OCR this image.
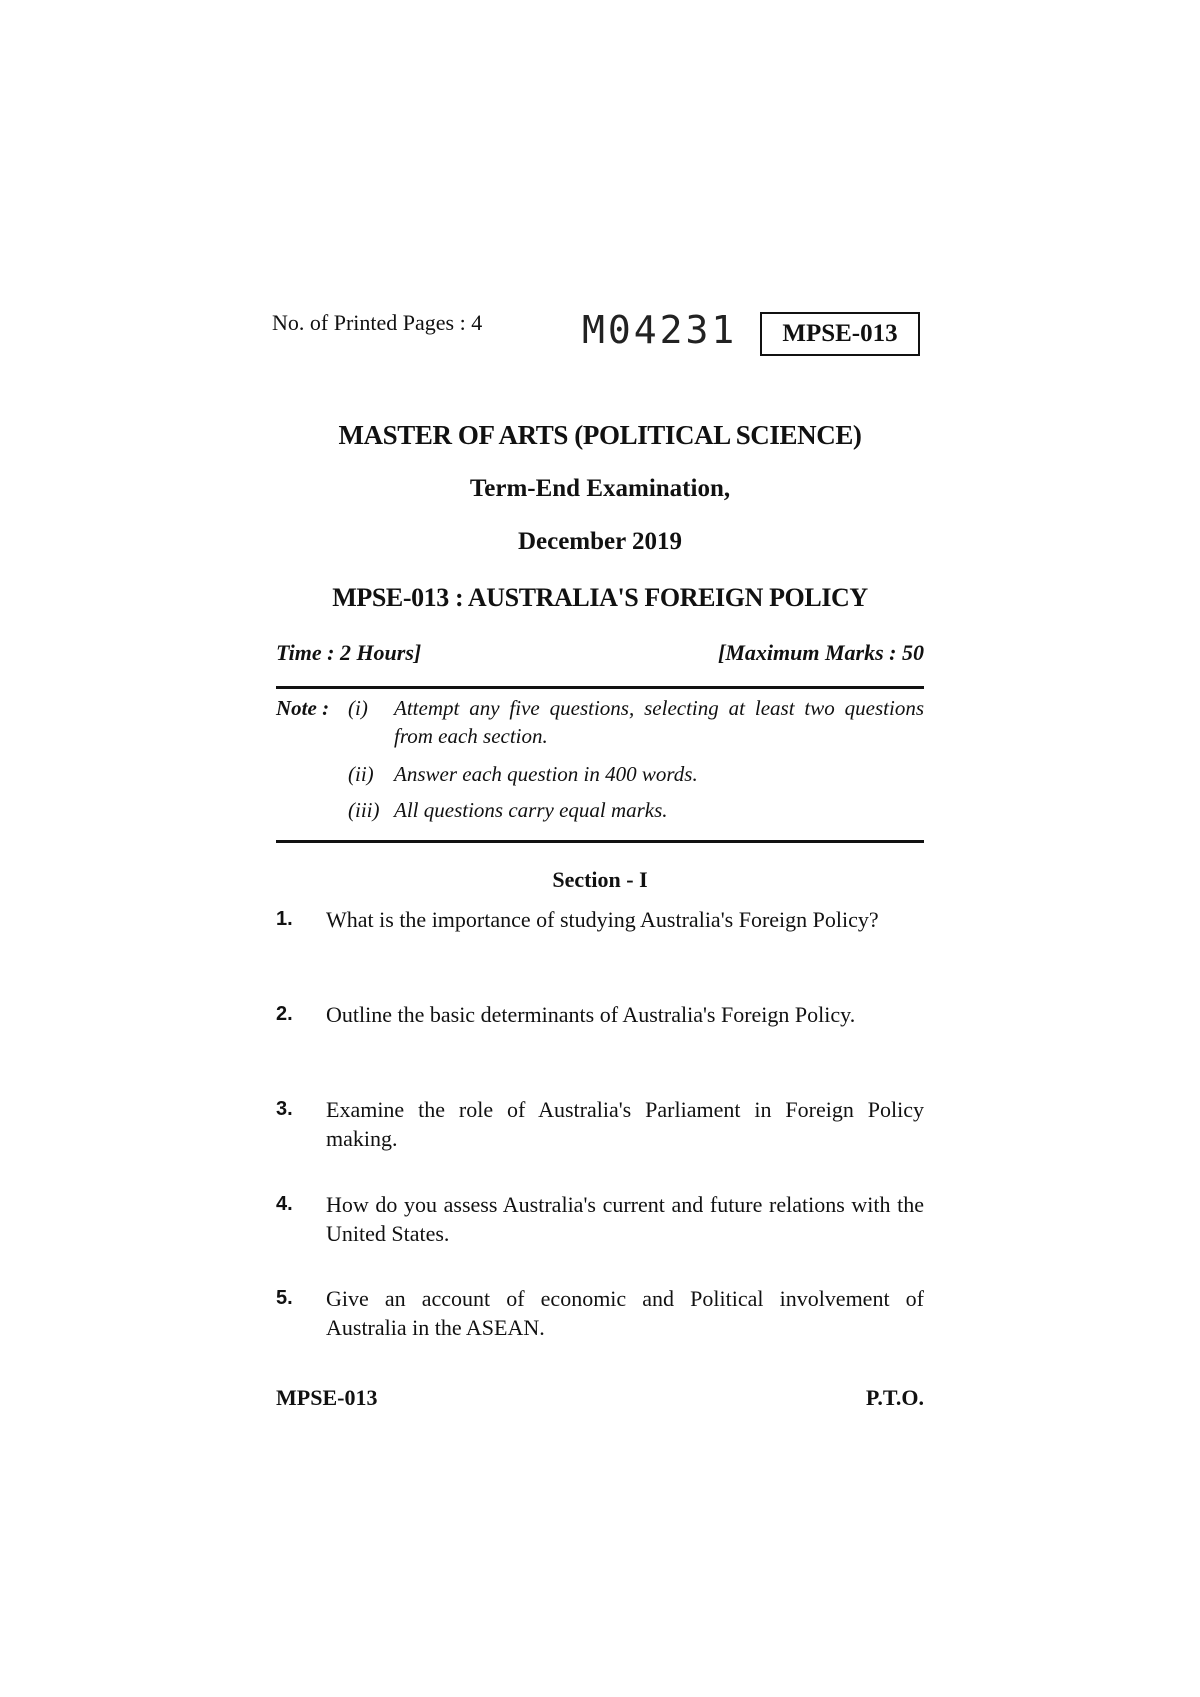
No. of Printed Pages : 4	M04231 MPSE-013
MASTER OF ARTS (POLITICAL SCIENCE)
Term-End Examination,
December 2019
MPSE-013 : AUSTRALIA'S FOREIGN POLICY
Time : 2 Hours]	[Maximum Marks : 50
Note : (i) Attempt any five questions, selecting at least two questions from each section.
(ii) Answer each question in 400 words.
(iii) All questions carry equal marks.
Section - I
1. What is the importance of studying Australia's Foreign Policy?
2. Outline the basic determinants of Australia's Foreign Policy.
3. Examine the role of Australia's Parliament in Foreign Policy making.
4. How do you assess Australia's current and future relations with the United States.
5. Give an account of economic and Political involvement of Australia in the ASEAN.
MPSE-013	P.T.O.
